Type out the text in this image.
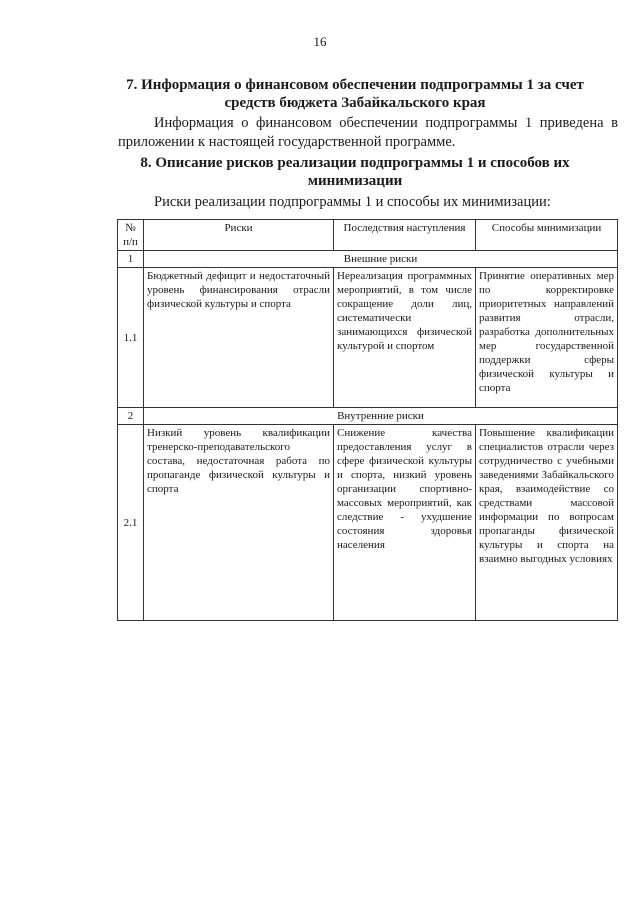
16
7. Информация о финансовом обеспечении подпрограммы 1 за счет средств бюджета Забайкальского края
Информация о финансовом обеспечении подпрограммы 1 приведена в приложении к настоящей государственной программе.
8. Описание рисков реализации подпрограммы 1 и способов их минимизации
Риски реализации подпрограммы 1 и способы их минимизации:
№ п/п	Риски	Последствия наступления	Способы минимизации
1	Внешние риски		
1.1	Бюджетный дефицит и недостаточный уровень финансирования отрасли физической культуры и спорта	Нереализация программных мероприятий, в том числе сокращение доли лиц, систематически занимающихся физической культурой и спортом	Принятие оперативных мер по корректировке приоритетных направлений развития отрасли, разработка дополнительных мер государственной поддержки сферы физической культуры и спорта
2	Внутренние риски		
2.1	Низкий уровень квалификации тренерско-преподавательского состава, недостаточная работа по пропаганде физической культуры и спорта	Снижение качества предоставления услуг в сфере физической культуры и спорта, низкий уровень организации спортивно-массовых мероприятий, как следствие - ухудшение состояния здоровья населения	Повышение квалификации специалистов отрасли через сотрудничество с учебными заведениями Забайкальского края, взаимодействие со средствами массовой информации по вопросам пропаганды физической культуры и спорта на взаимно выгодных условиях
